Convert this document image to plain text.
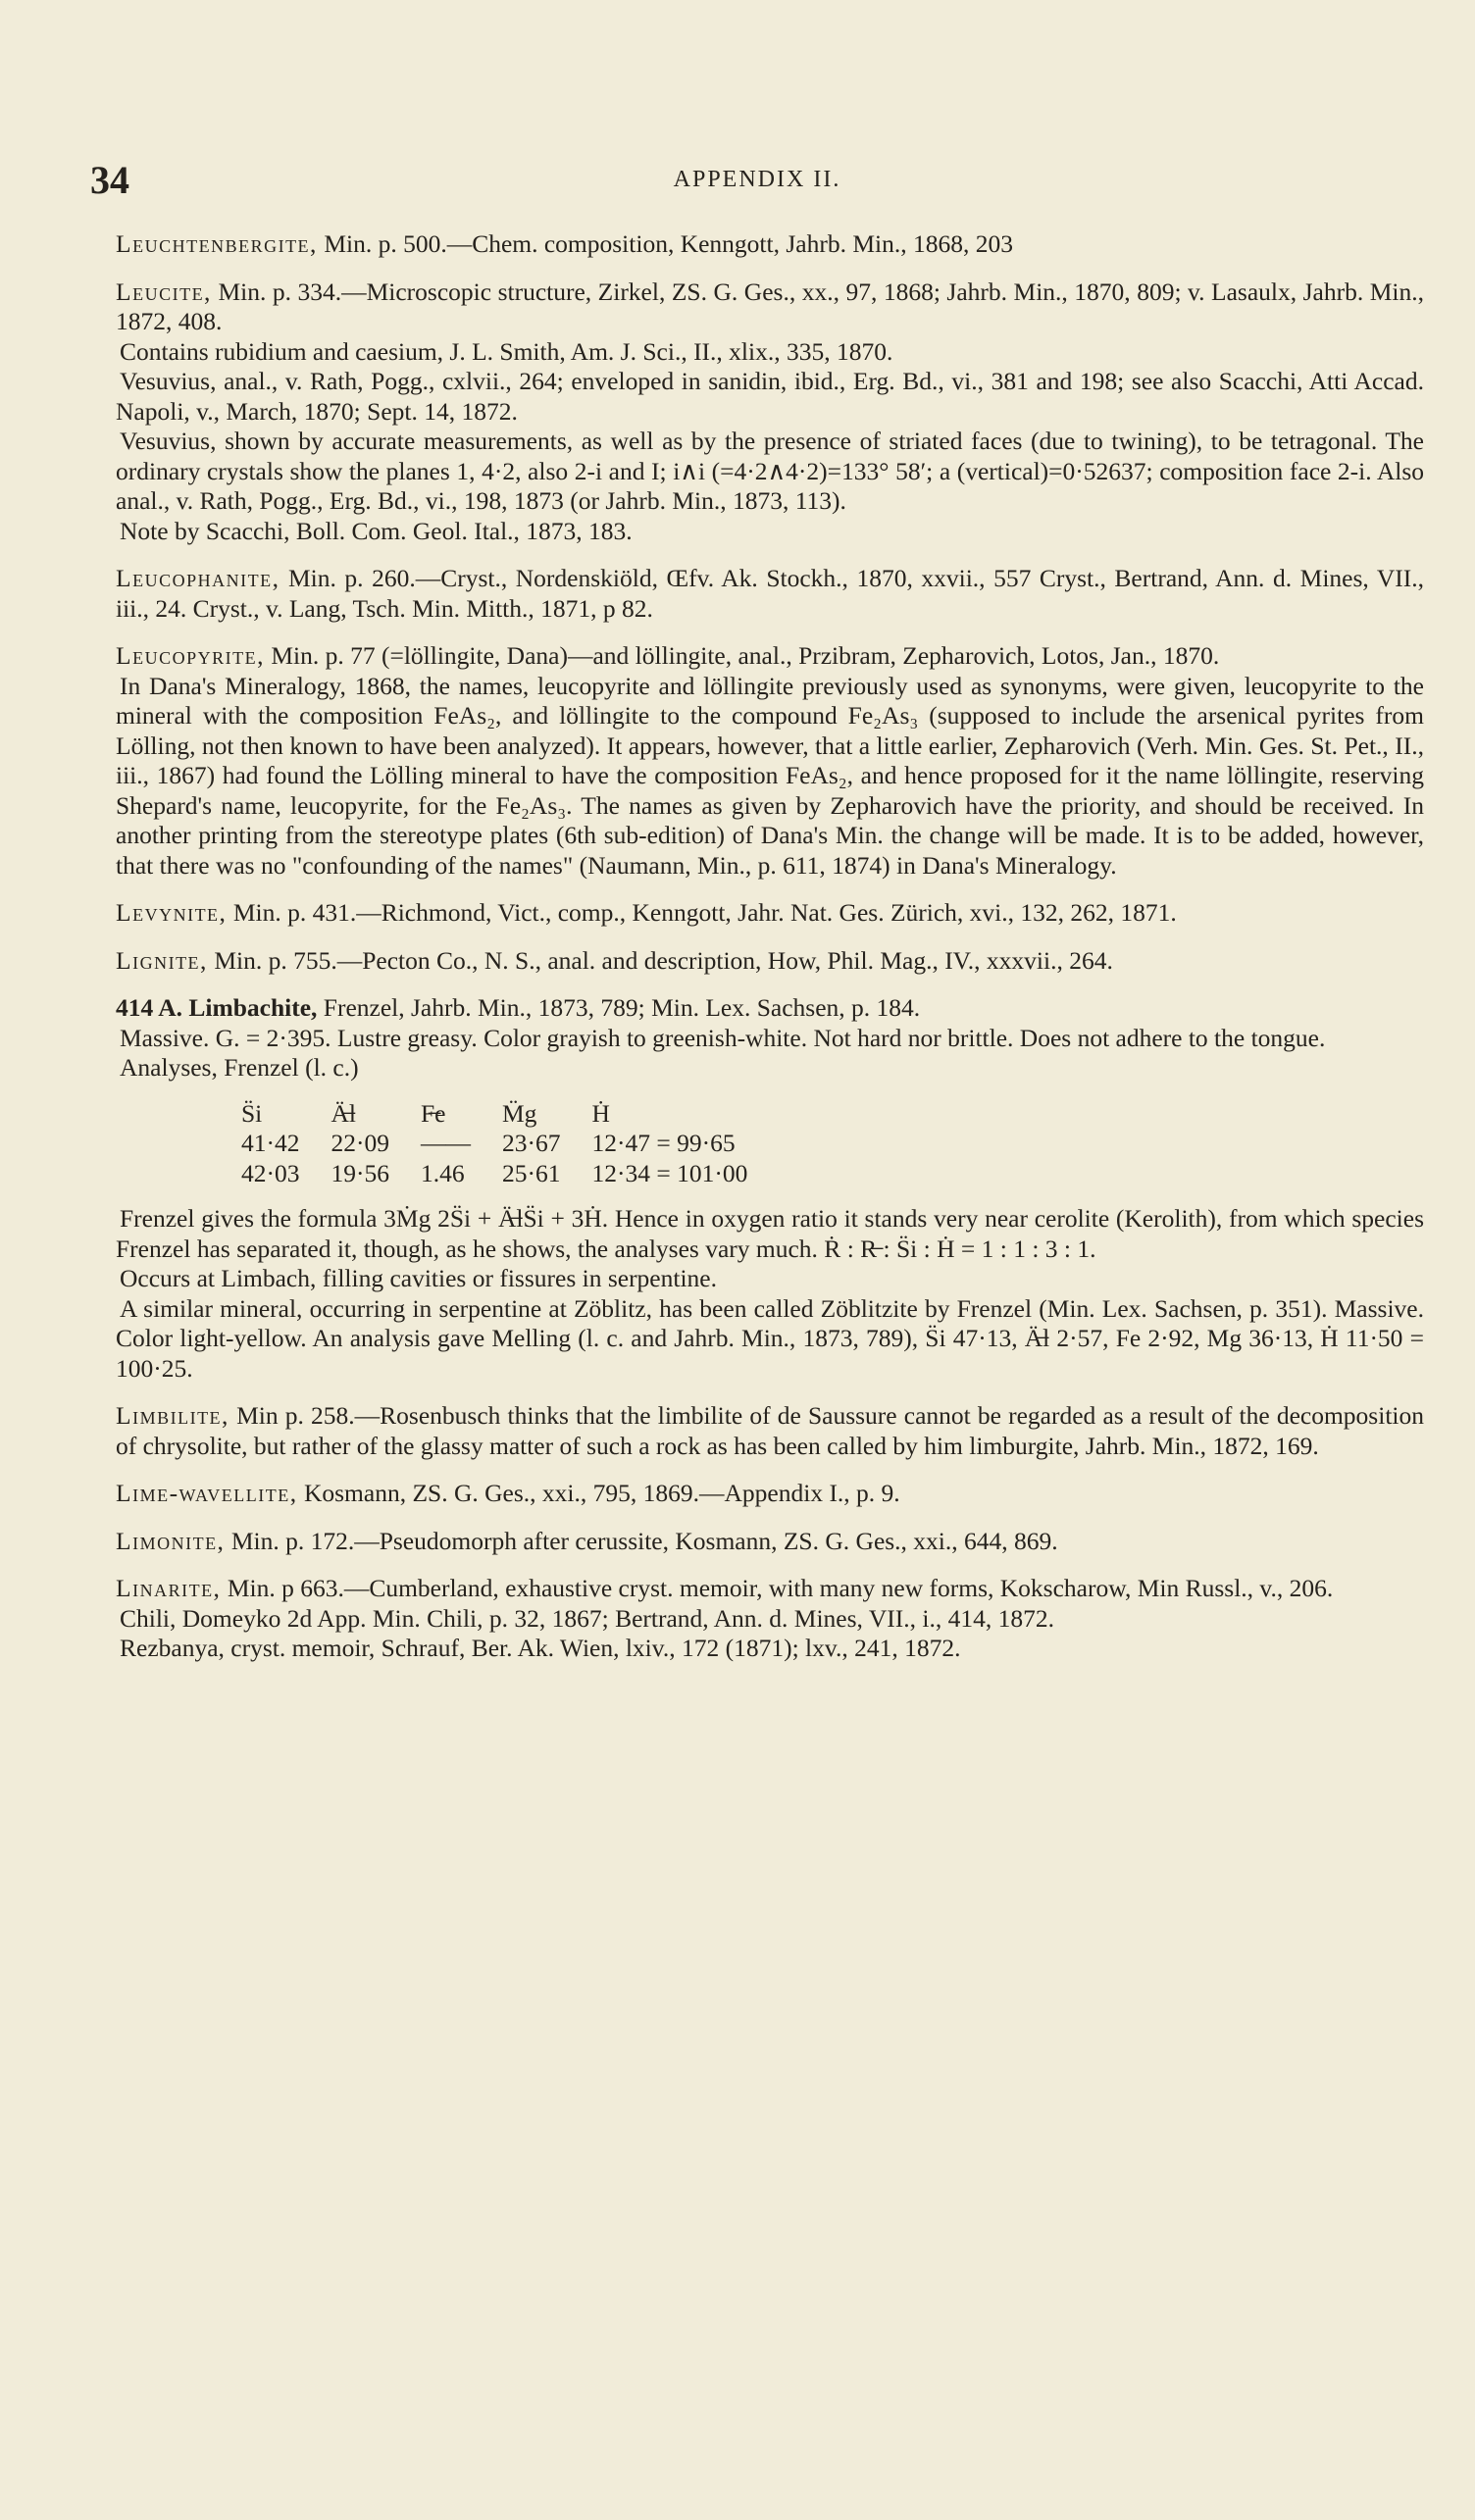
34	APPENDIX II.

Leuchtenbergite, Min. p. 500.—Chem. composition, Kenngott, Jahrb. Min., 1868, 203

Leucite, Min. p. 334.—Microscopic structure, Zirkel, ZS. G. Ges., xx., 97, 1868; Jahrb. Min., 1870, 809; v. Lasaulx, Jahrb. Min., 1872, 408.

Contains rubidium and caesium, J. L. Smith, Am. J. Sci., II., xlix., 335, 1870.

Vesuvius, anal., v. Rath, Pogg., cxlvii., 264; enveloped in sanidin, ibid., Erg. Bd., vi., 381 and 198; see also Scacchi, Atti Accad. Napoli, v., March, 1870; Sept. 14, 1872.

Vesuvius, shown by accurate measurements, as well as by the presence of striated faces (due to twining), to be tetragonal. The ordinary crystals show the planes 1, 4·2, also 2-i and I; i∧i (=4·2∧4·2)=133° 58′; a (vertical)=0·52637; composition face 2-i. Also anal., v. Rath, Pogg., Erg. Bd., vi., 198, 1873 (or Jahrb. Min., 1873, 113).

Note by Scacchi, Boll. Com. Geol. Ital., 1873, 183.

Leucophanite, Min. p. 260.—Cryst., Nordenskiöld, Œfv. Ak. Stockh., 1870, xxvii., 557 Cryst., Bertrand, Ann. d. Mines, VII., iii., 24. Cryst., v. Lang, Tsch. Min. Mitth., 1871, p 82.

Leucopyrite, Min. p. 77 (=löllingite, Dana)—and löllingite, anal., Przibram, Zepharovich, Lotos, Jan., 1870.

In Dana's Mineralogy, 1868, the names, leucopyrite and löllingite previously used as synonyms, were given, leucopyrite to the mineral with the composition FeAs₂, and löllingite to the compound Fe₂As₃ (supposed to include the arsenical pyrites from Lölling, not then known to have been analyzed). It appears, however, that a little earlier, Zepharovich (Verh. Min. Ges. St. Pet., II., iii., 1867) had found the Lölling mineral to have the composition FeAs₂, and hence proposed for it the name löllingite, reserving Shepard's name, leucopyrite, for the Fe₂As₃. The names as given by Zepharovich have the priority, and should be received. In another printing from the stereotype plates (6th sub-edition) of Dana's Min. the change will be made. It is to be added, however, that there was no "confounding of the names" (Naumann, Min., p. 611, 1874) in Dana's Mineralogy.

Levynite, Min. p. 431.—Richmond, Vict., comp., Kenngott, Jahr. Nat. Ges. Zürich, xvi., 132, 262, 1871.

Lignite, Min. p. 755.—Pecton Co., N. S., anal. and description, How, Phil. Mag., IV., xxxvii., 264.

414 A. Limbachite, Frenzel, Jahrb. Min., 1873, 789; Min. Lex. Sachsen, p. 184.

Massive. G. = 2·395. Lustre greasy. Color grayish to greenish-white. Not hard nor brittle. Does not adhere to the tongue.

Analyses, Frenzel (l. c.)

S̈i	Ä̶l	F̶e	M̈g	Ḣ
41·42	22·09	——	23·67	12·47 = 99·65
42·03	19·56	1.46	25·61	12·34 = 101·00

Frenzel gives the formula 3Ṁg 2S̈i + Ä̶lS̈i + 3Ḣ. Hence in oxygen ratio it stands very near cerolite (Kerolith), from which species Frenzel has separated it, though, as he shows, the analyses vary much. Ṙ : R̶ : S̈i : Ḣ = 1 : 1 : 3 : 1.

Occurs at Limbach, filling cavities or fissures in serpentine.

A similar mineral, occurring in serpentine at Zöblitz, has been called Zöblitzite by Frenzel (Min. Lex. Sachsen, p. 351). Massive. Color light-yellow. An analysis gave Melling (l. c. and Jahrb. Min., 1873, 789), S̈i 47·13, Ä̶l 2·57, Fe 2·92, Mg 36·13, Ḣ 11·50 = 100·25.

Limbilite, Min p. 258.—Rosenbusch thinks that the limbilite of de Saussure cannot be regarded as a result of the decomposition of chrysolite, but rather of the glassy matter of such a rock as has been called by him limburgite, Jahrb. Min., 1872, 169.

Lime-wavellite, Kosmann, ZS. G. Ges., xxi., 795, 1869.—Appendix I., p. 9.

Limonite, Min. p. 172.—Pseudomorph after cerussite, Kosmann, ZS. G. Ges., xxi., 644, 869.

Linarite, Min. p 663.—Cumberland, exhaustive cryst. memoir, with many new forms, Kokscharow, Min Russl., v., 206.

Chili, Domeyko 2d App. Min. Chili, p. 32, 1867; Bertrand, Ann. d. Mines, VII., i., 414, 1872.

Rezbanya, cryst. memoir, Schrauf, Ber. Ak. Wien, lxiv., 172 (1871); lxv., 241, 1872.
